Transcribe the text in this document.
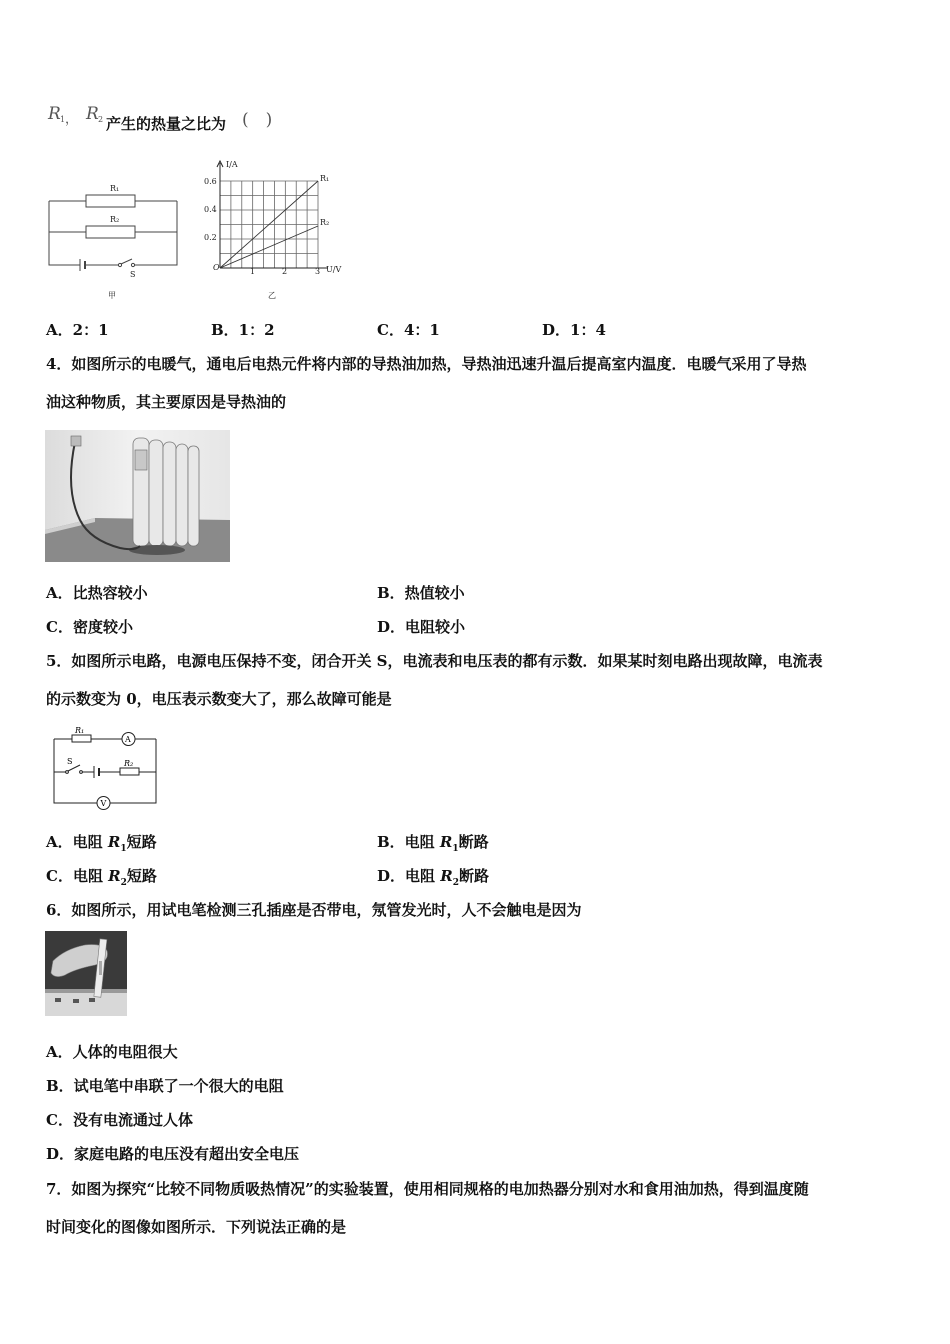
R 1 ， R 2 产生的热量之比为 (　)
R₁
R₂
S
甲
I/A
U/V
O
0.6
0.4
0.2
1	2	3
R₁
R₂
乙
A．2：1	B．1：2	C．4：1	D．1：4
4．如图所示的电暖气，通电后电热元件将内部的导热油加热，导热油迅速升温后提高室内温度．电暖气采用了导热
油这种物质，其主要原因是导热油的
A．比热容较小	B．热值较小
C．密度较小	D．电阻较小
5．如图所示电路，电源电压保持不变，闭合开关 S，电流表和电压表的都有示数．如果某时刻电路出现故障，电流表
的示数变为 0，电压表示数变大了，那么故障可能是
A
V
R₁
R₂
S
A．电阻 $R_1$短路	B．电阻 $R_1$断路
C．电阻 $R_2$短路	D．电阻 $R_2$断路
6．如图所示，用试电笔检测三孔插座是否带电，氖管发光时，人不会触电是因为
A．人体的电阻很大
B．试电笔中串联了一个很大的电阻
C．没有电流通过人体
D．家庭电路的电压没有超出安全电压
7．如图为探究“比较不同物质吸热情况”的实验装置，使用相同规格的电加热器分别对水和食用油加热，得到温度随
时间变化的图像如图所示．下列说法正确的是
